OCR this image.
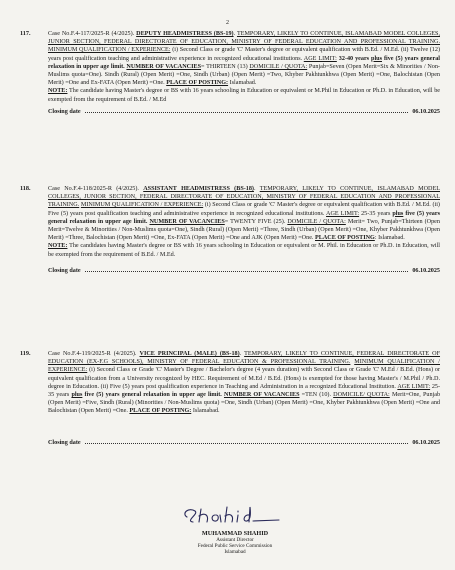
2
117.	Case No.F.4-117/2025-R (4/2025). DEPUTY HEADMISTRESS (BS-19). TEMPORARY, LIKELY TO CONTINUE, ISLAMABAD MODEL COLLEGES, JUNIOR SECTION, FEDERAL DIRECTORATE OF EDUCATION, MINISTRY OF FEDERAL EDUCATION AND PROFESSIONAL TRAINING. MINIMUM QUALIFICATION / EXPERIENCE: (i) Second Class or grade 'C' Master's degree or equivalent qualification with B.Ed. / M.Ed. (ii) Twelve (12) years post qualification teaching and administrative experience in recognized educational institutions. AGE LIMIT: 32-40 years plus five (5) years general relaxation in upper age limit. NUMBER OF VACANCIES= THIRTEEN (13) DOMICILE / QUOTA: Punjab=Seven (Open Merit=Six & Minorities / Non-Muslims quota=One). Sindh (Rural) (Open Merit) =One, Sindh (Urban) (Open Merit) =Two, Khyber Pakhtunkhwa (Open Merit) =One, Balochistan (Open Merit) =One and Ex-FATA (Open Merit) =One. PLACE OF POSTING: Islamabad.

NOTE: The candidate having Master's degree or BS with 16 years schooling in Education or equivalent or M.Phil in Education or Ph.D. in Education, will be exempted from the requirement of B.Ed. / M.Ed

Closing date	06.10.2025
118.	Case No.F.4-118/2025-R (4/2025). ASSISTANT HEADMISTRESS (BS-18). TEMPORARY, LIKELY TO CONTINUE, ISLAMABAD MODEL COLLEGES, JUNIOR SECTION, FEDERAL DIRECTORATE OF EDUCATION, MINISTRY OF FEDERAL EDUCATION AND PROFESSIONAL TRAINING. MINIMUM QUALIFICATION / EXPERIENCE: (i) Second Class or grade 'C' Master's degree or equivalent qualification with B.Ed. / M.Ed. (ii) Five (5) years post qualification teaching and administrative experience in recognized educational institutions. AGE LIMIT: 25-35 years plus five (5) years general relaxation in upper age limit. NUMBER OF VACANCIES= TWENTY FIVE (25). DOMICILE / QUOTA: Merit= Two, Punjab=Thirteen (Open Merit=Twelve & Minorities / Non-Muslims quota=One), Sindh (Rural) (Open Merit) =Three, Sindh (Urban) (Open Merit) =One, Khyber Pakhtunkhwa (Open Merit) =Three, Balochistan (Open Merit) =One, Ex-FATA (Open Merit) =One and AJK (Open Merit) =One. PLACE OF POSTING: Islamabad.

NOTE: The candidates having Master's degree or BS with 16 years schooling in Education or equivalent or M. Phil. in Education or Ph.D. in Education, will be exempted from the requirement of B.Ed. / M.Ed.

Closing date	06.10.2025
119.	Case No.F.4-119/2025-R (4/2025). VICE PRINCIPAL (MALE) (BS-18). TEMPORARY, LIKELY TO CONTINUE, FEDERAL DIRECTORATE OF EDUCATION (EX-F.G SCHOOLS), MINISTRY OF FEDERAL EDUCATION & PROFESSIONAL TRAINING. MINIMUM QUALIFICATION / EXPERIENCE: (i) Second Class or Grade 'C' Master's Degree / Bachelor's degree (4 years duration) with Second Class or Grade 'C' M.Ed / B.Ed. (Hons) or equivalent qualification from a University recognized by HEC. Requirement of M.Ed / B.Ed. (Hons) is exempted for those having Master's / M.Phil / Ph.D. degree in Education. (ii) Five (5) years post qualification experience in Teaching and Administration in a recognized Educational Institution. AGE LIMIT: 25-35 years plus five (5) years general relaxation in upper age limit. NUMBER OF VACANCIES =TEN (10). DOMICILE/ QUOTA: Merit=One, Punjab (Open Merit) =Five, Sindh (Rural) (Minorities / Non-Muslims quota) =One, Sindh (Urban) (Open Merit) =One, Khyber Pakhtunkhwa (Open Merit) =One and Balochistan (Open Merit) =One. PLACE OF POSTING: Islamabad.

Closing date	06.10.2025
MUHAMMAD SHAHID
Assistant Director
Federal Public Service Commission
Islamabad
